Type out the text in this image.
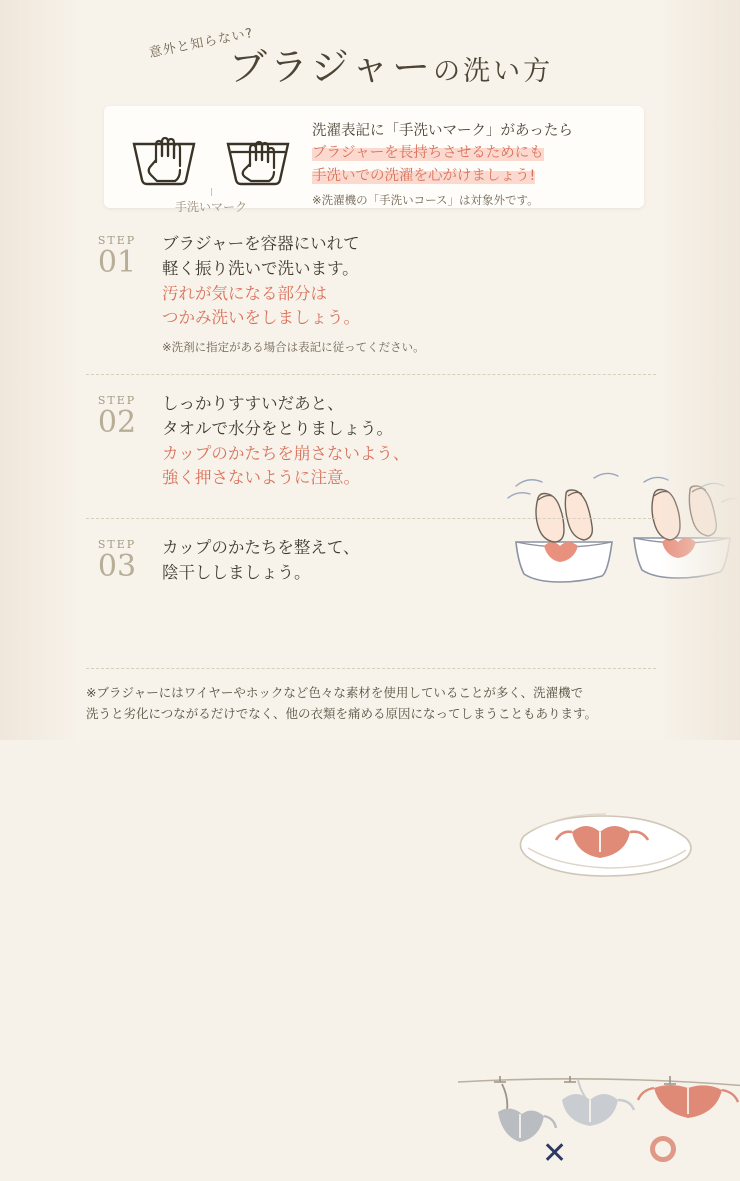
意外と知らない?
ブラジャーの洗い方
手洗いマーク
洗濯表記に「手洗いマーク」があったら
ブラジャーを長持ちさせるためにも
手洗いでの洗濯を心がけましょう!
※洗濯機の「手洗いコース」は対象外です。
STEP
01
ブラジャーを容器にいれて
軽く振り洗いで洗います。
汚れが気になる部分は
つかみ洗いをしましょう。
※洗剤に指定がある場合は表記に従ってください。
STEP
02
しっかりすすいだあと、
タオルで水分をとりましょう。
カップのかたちを崩さないよう、
強く押さないように注意。
STEP
03
カップのかたちを整えて、
陰干ししましょう。
✕
※ブラジャーにはワイヤーやホックなど色々な素材を使用していることが多く、洗濯機で
洗うと劣化につながるだけでなく、他の衣類を痛める原因になってしまうこともあります。
